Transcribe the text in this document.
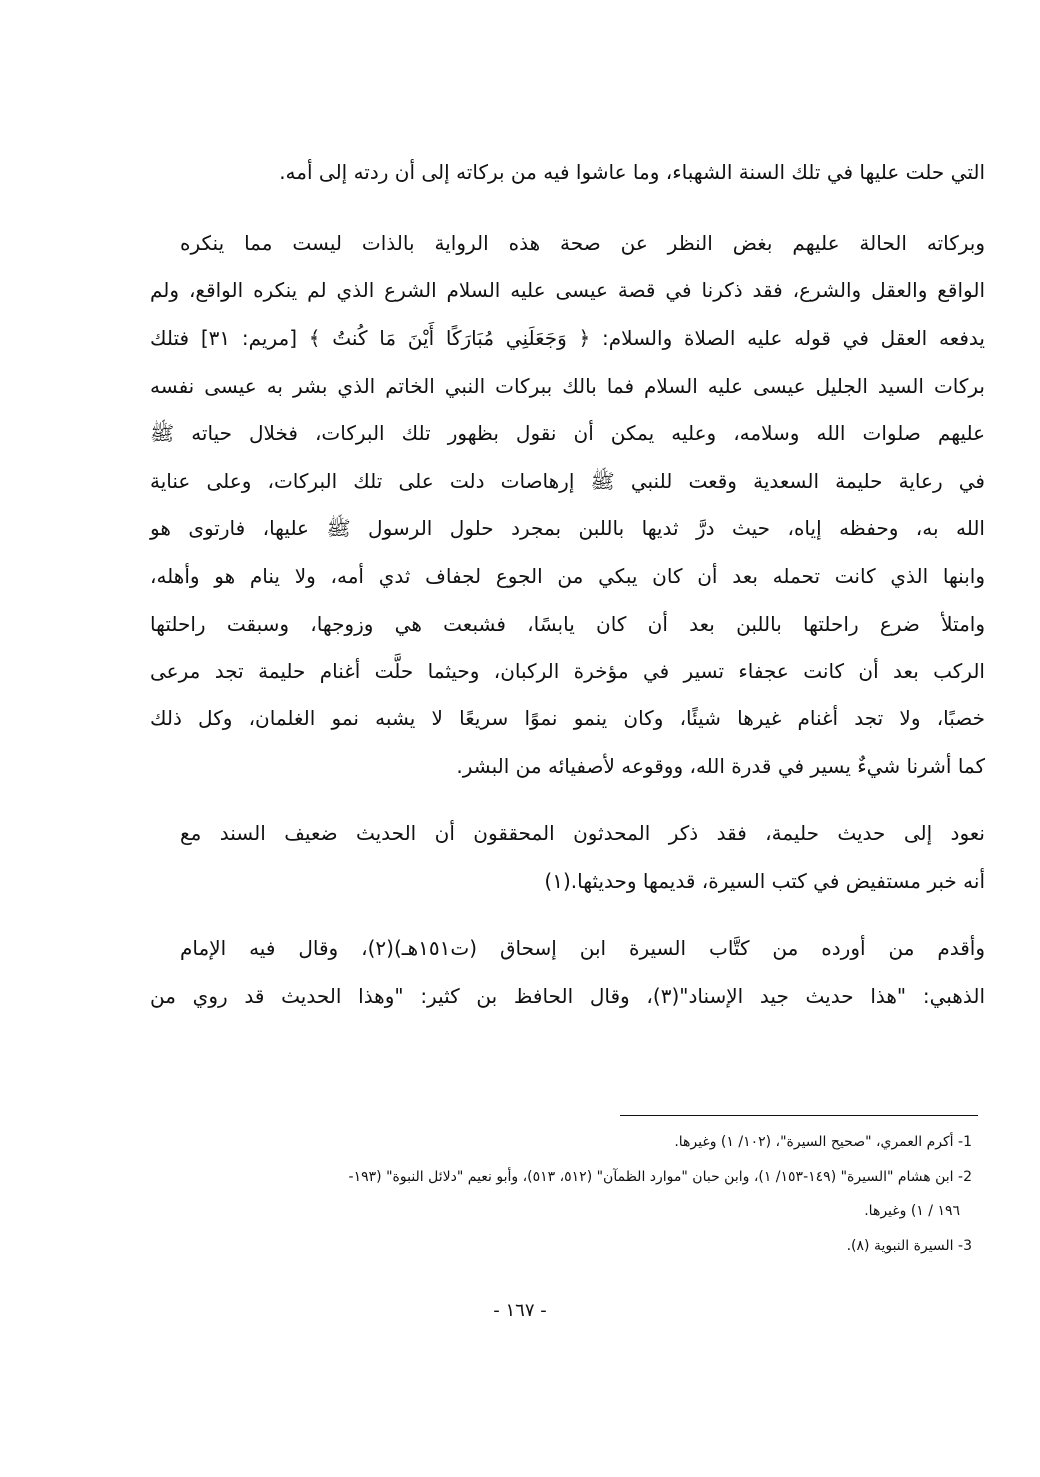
التي حلت عليها في تلك السنة الشهباء، وما عاشوا فيه من بركاته إلى أن ردته إلى أمه.
وبركاته الحالة عليهم بغض النظر عن صحة هذه الرواية بالذات ليست مما ينكره
الواقع والعقل والشرع، فقد ذكرنا في قصة عيسى عليه السلام الشرع الذي لم ينكره الواقع، ولم
يدفعه العقل في قوله عليه الصلاة والسلام: ﴿ وَجَعَلَنِي مُبَارَكًا أَيْنَ مَا كُنتُ ﴾ [مريم: ٣١] فتلك
بركات السيد الجليل عيسى عليه السلام فما بالك ببركات النبي الخاتم الذي بشر به عيسى نفسه
عليهم صلوات الله وسلامه، وعليه يمكن أن نقول بظهور تلك البركات، فخلال حياته ﷺ
في رعاية حليمة السعدية وقعت للنبي ﷺ إرهاصات دلت على تلك البركات، وعلى عناية
الله به، وحفظه إياه، حيث درَّ ثديها باللبن بمجرد حلول الرسول ﷺ عليها، فارتوى هو
وابنها الذي كانت تحمله بعد أن كان يبكي من الجوع لجفاف ثدي أمه، ولا ينام هو وأهله،
وامتلأ ضرع راحلتها باللبن بعد أن كان يابسًا، فشبعت هي وزوجها، وسبقت راحلتها
الركب بعد أن كانت عجفاء تسير في مؤخرة الركبان، وحيثما حلَّت أغنام حليمة تجد مرعى
خصبًا، ولا تجد أغنام غيرها شيئًا، وكان ينمو نموًا سريعًا لا يشبه نمو الغلمان، وكل ذلك
كما أشرنا شيءٌ يسير في قدرة الله، ووقوعه لأصفيائه من البشر.
نعود إلى حديث حليمة، فقد ذكر المحدثون المحققون أن الحديث ضعيف السند مع
أنه خبر مستفيض في كتب السيرة، قديمها وحديثها.(١)
وأقدم من أورده من كتَّاب السيرة ابن إسحاق (ت١٥١هـ)(٢)، وقال فيه الإمام
الذهبي: "هذا حديث جيد الإسناد"(٣)، وقال الحافظ بن كثير: "وهذا الحديث قد روي من
1- أكرم العمري، "صحيح السيرة"، (١٠٢/ ١) وغيرها.
2- ابن هشام "السيرة" (١٤٩-١٥٣/ ١)، وابن حبان "موارد الظمآن" (٥١٢، ٥١٣)، وأبو نعيم "دلائل النبوة" (١٩٣-
١٩٦ / ١) وغيرها.
3- السيرة النبوية (٨).
- ١٦٧ -
